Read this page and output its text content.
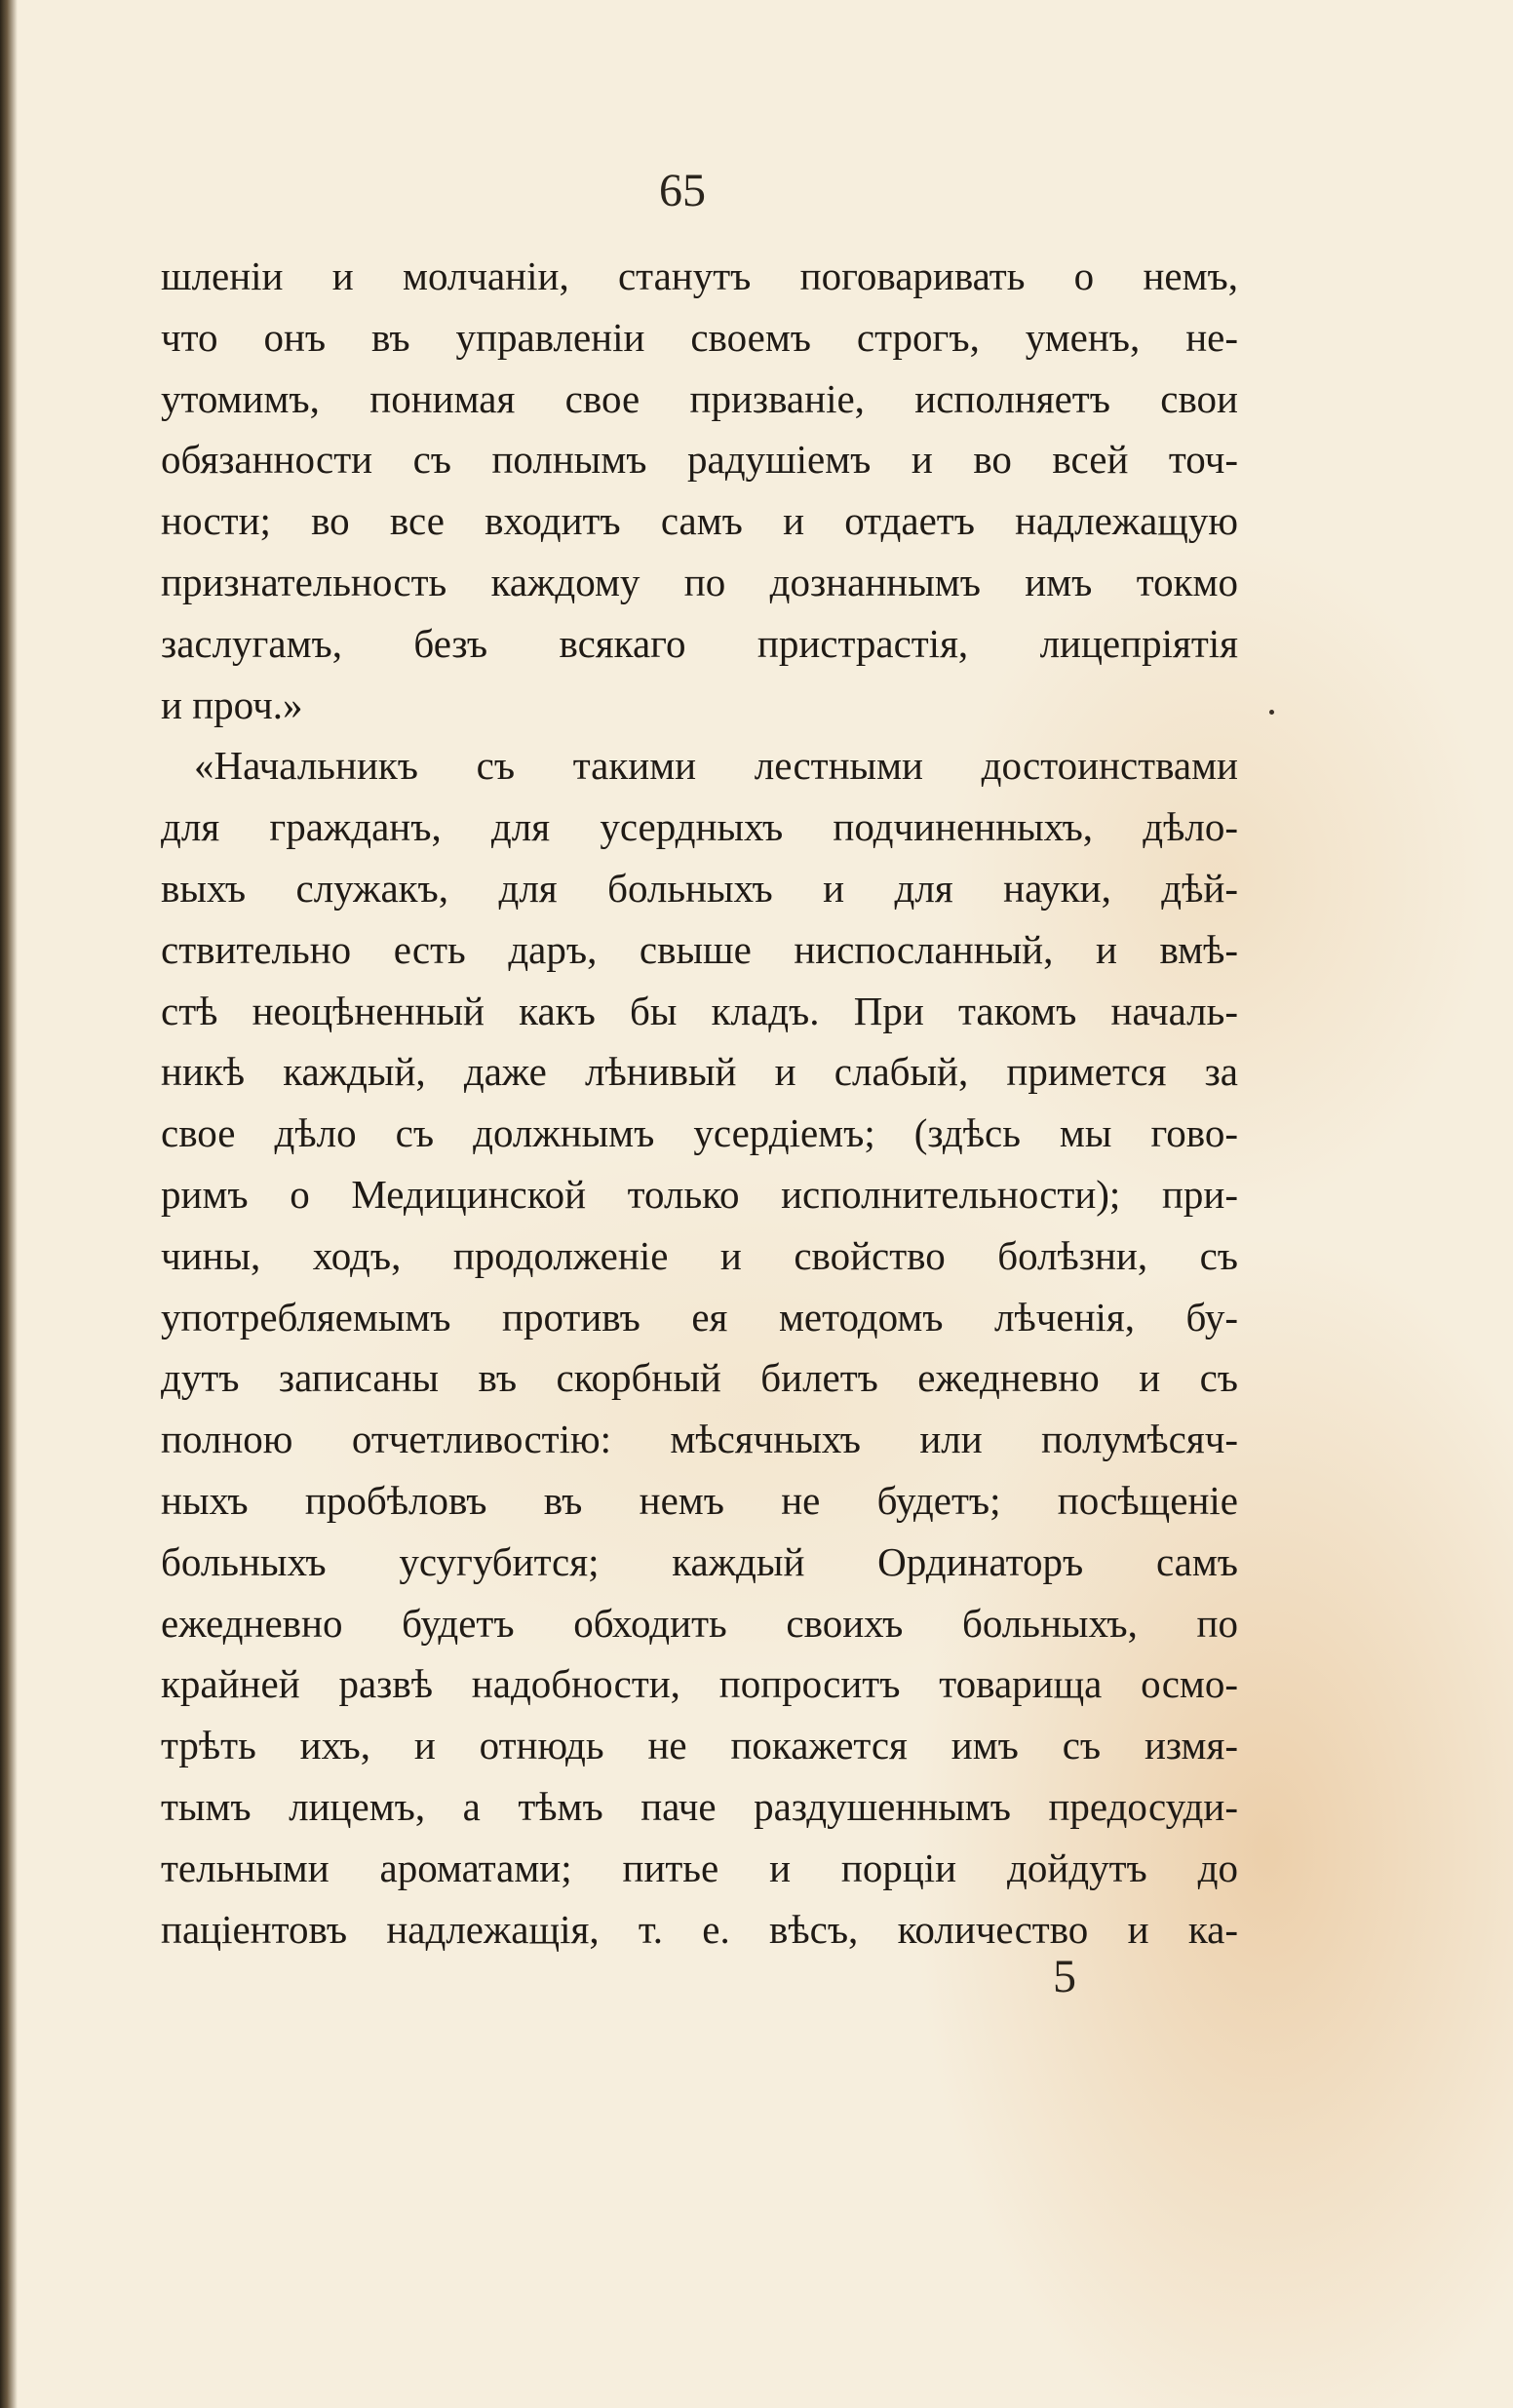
65
шленіи и молчаніи, станутъ поговаривать о немъ,
что онъ въ управленіи своемъ строгъ, уменъ, не-
утомимъ, понимая свое призваніе, исполняетъ свои
обязанности съ полнымъ радушіемъ и во всей точ-
ности; во все входитъ самъ и отдаетъ надлежащую
признательность каждому по дознаннымъ имъ токмо
заслугамъ, безъ всякаго пристрастія, лицепріятія
и проч.»
«Начальникъ съ такими лестными достоинствами
для гражданъ, для усердныхъ подчиненныхъ, дѣло-
выхъ служакъ, для больныхъ и для науки, дѣй-
ствительно есть даръ, свыше ниспосланный, и вмѣ-
стѣ неоцѣненный какъ бы кладъ. При такомъ началь-
никѣ каждый, даже лѣнивый и слабый, примется за
свое дѣло съ должнымъ усердіемъ; (здѣсь мы гово-
римъ о Медицинской только исполнительности); при-
чины, ходъ, продолженіе и свойство болѣзни, съ
употребляемымъ противъ ея методомъ лѣченія, бу-
дутъ записаны въ скорбный билетъ ежедневно и съ
полною отчетливостію: мѣсячныхъ или полумѣсяч-
ныхъ пробѣловъ въ немъ не будетъ; посѣщеніе
больныхъ усугубится; каждый Ординаторъ самъ
ежедневно будетъ обходить своихъ больныхъ, по
крайней развѣ надобности, попроситъ товарища осмо-
трѣть ихъ, и отнюдь не покажется имъ съ измя-
тымъ лицемъ, а тѣмъ паче раздушеннымъ предосуди-
тельными ароматами; питье и порціи дойдутъ до
паціентовъ надлежащія, т. е. вѣсъ, количество и ка-
5
